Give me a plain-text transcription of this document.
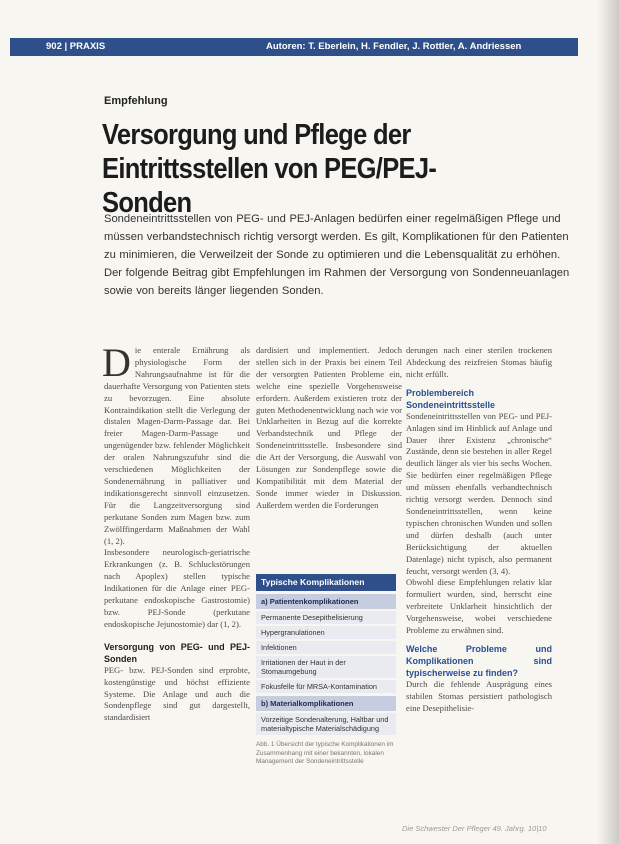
902 | PRAXIS	Autoren: T. Eberlein, H. Fendler, J. Rottler, A. Andriessen
Empfehlung
Versorgung und Pflege der Eintrittsstellen von PEG/PEJ-Sonden
Sondeneintrittsstellen von PEG- und PEJ-Anlagen bedürfen einer regelmäßigen Pflege und müssen verbandstechnisch richtig versorgt werden. Es gilt, Komplikationen für den Patienten zu minimieren, die Verweilzeit der Sonde zu optimieren und die Lebensqualität zu erhöhen. Der folgende Beitrag gibt Empfehlungen im Rahmen der Versorgung von Sondenneuanlagen sowie von bereits länger liegenden Sonden.

Die enterale Ernährung als physiologische Form der Nahrungsaufnahme ist für die dauerhafte Versorgung von Patienten stets zu bevorzugen. Eine absolute Kontraindikation stellt die Verlegung der distalen Magen-Darm-Passage dar. Bei freier Magen-Darm-Passage und ungenügender bzw. fehlender Möglichkeit der oralen Nahrungszufuhr sind die verschiedenen Möglichkeiten der Sondenernährung in palliativer und indikationsgerecht sinnvoll einzusetzen. Für die Langzeitversorgung sind perkutane Sonden zum Magen bzw. zum Zwölffingerdarm Maßnahmen der Wahl (1, 2).

Insbesondere neurologisch-geriatrische Erkrankungen (z. B. Schluckstörungen nach Apoplex) stellen typische Indikationen für die Anlage einer PEG-perkutane endoskopische Gastrostomie) bzw. PEJ-Sonde (perkutane endoskopische Jejunostomie) dar (1, 2).

Versorgung von PEG- und PEJ-Sonden

PEG- bzw. PEJ-Sonden sind erprobte, kostengünstige und höchst effiziente Systeme. Die Anlage und auch die Sondenpflege sind gut dargestellt, standardisiert

dardisiert und implementiert. Jedoch stellen sich in der Praxis bei einem Teil der versorgten Patienten Probleme ein, welche eine spezielle Vorgehensweise erfordern. Außerdem existieren trotz der guten Methodenentwicklung nach wie vor Unklarheiten in Bezug auf die korrekte Verbandstechnik und Pflege der Sondeneintrittsstelle. Insbesondere sind die Art der Versorgung, die Auswahl von Lösungen zur Sondenpflege sowie die Kompatibilität mit dem Material der Sonde immer wieder in Diskussion. Außerdem werden die Forderungen

Typische Komplikationen
a) Patientenkomplikationen
Permanente Desepithelisierung
Hypergranulationen
Infektionen
Irritationen der Haut in der Stomaumgebung
Fokusfelle für MRSA-Kontamination
b) Materialkomplikationen
Vorzeitige Sondenalterung, Haltbar und materialtypische Materialschädigung
Abb. 1 Übersicht der typische Komplikationen im Zusammenhang mit einer bekannten, lokalen Management der Sondeneintrittsstelle

derungen nach einer sterilen trockenen Abdeckung des reizfreien Stomas häufig nicht erfüllt.

Problembereich Sondeneintrittsstelle

Sondeneintrittsstellen von PEG- und PEJ-Anlagen sind im Hinblick auf Anlage und Dauer ihrer Existenz „chronische“ Zustände, denn sie bestehen in aller Regel deutlich länger als vier bis sechs Wochen. Sie bedürfen einer regelmäßigen Pflege und müssen ebenfalls verbandtechnisch richtig versorgt werden. Dennoch sind Sondeneintrittsstellen, wenn keine typischen chronischen Wunden und sollen und dürfen deshalb (auch unter Berücksichtigung der aktuellen Datenlage) nicht typisch, also permanent feucht, versorgt werden (3, 4).

Obwohl diese Empfehlungen relativ klar formuliert wurden, sind, herrscht eine verbreitete Unklarheit hinsichtlich der Vorgehensweise, wobei verschiedene Probleme zu erwähnen sind.

Welche Probleme und Komplikationen sind typischerweise zu finden?

Durch die fehlende Ausprägung eines stabilen Stomas persistiert pathologisch eine Desepithelisie-

Die Schwester Der Pfleger 49. Jahrg. 10|10
